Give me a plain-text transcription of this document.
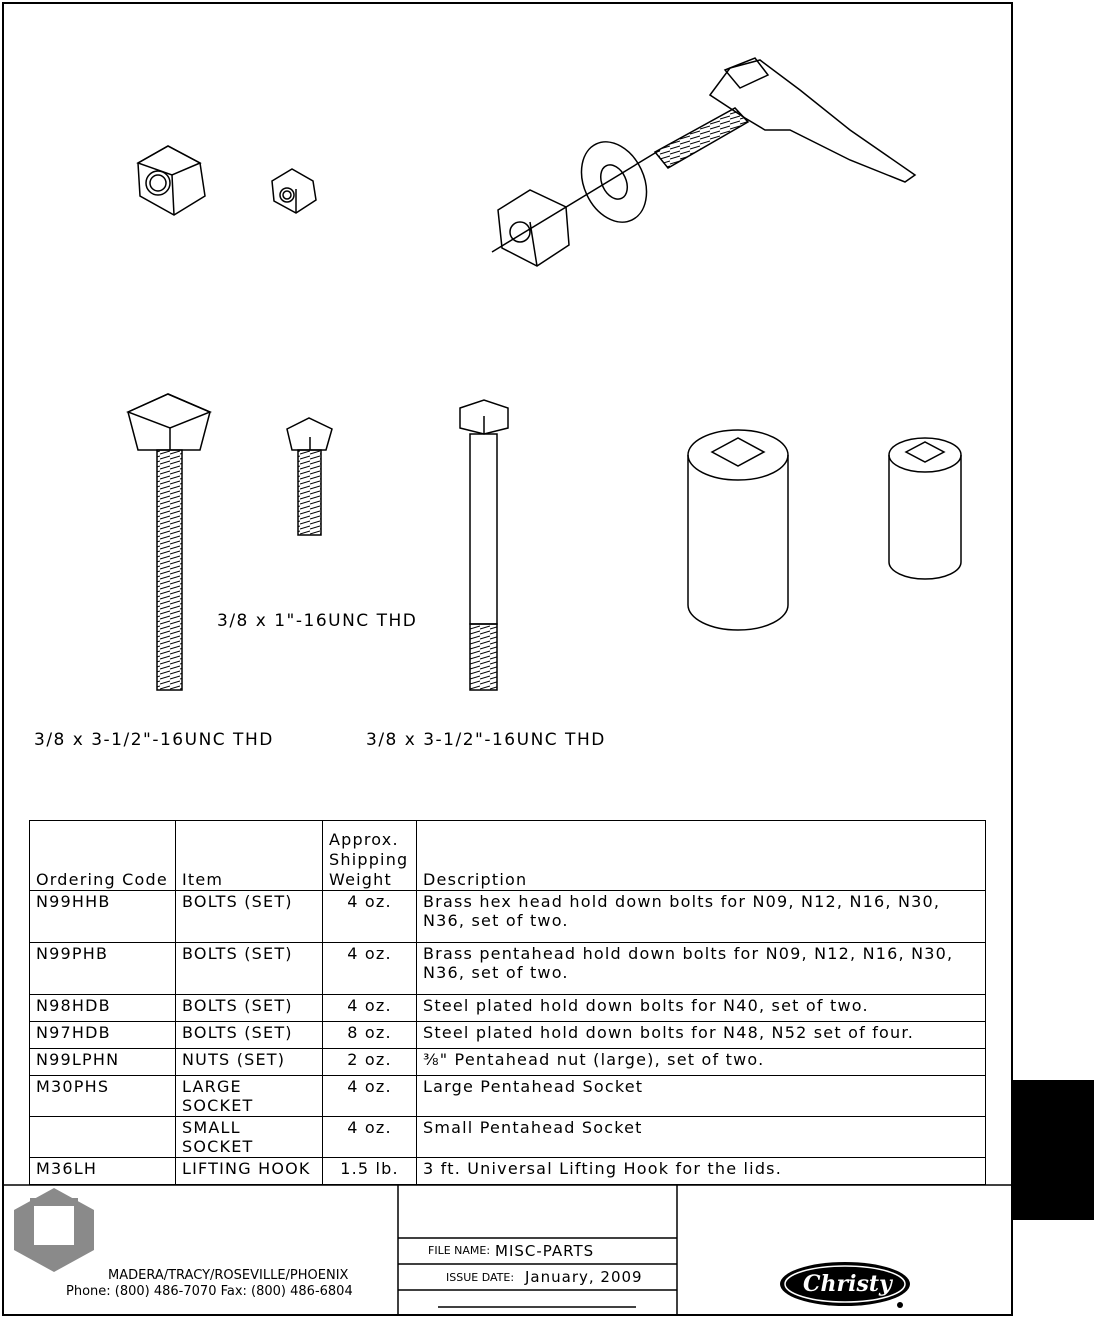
3/8 x 3-1/2"-16UNC THD
3/8 x 1"-16UNC THD
3/8 x 3-1/2"-16UNC THD
Ordering Code	Item	Approx. Shipping Weight	Description
N99HHB	BOLTS (SET)	4 oz.	Brass hex head hold down bolts for N09, N12, N16, N30, N36, set of two.
N99PHB	BOLTS (SET)	4 oz.	Brass pentahead hold down bolts for N09, N12, N16, N30, N36, set of two.
N98HDB	BOLTS (SET)	4 oz.	Steel plated hold down bolts for N40, set of two.
N97HDB	BOLTS (SET)	8 oz.	Steel plated hold down bolts for N48, N52 set of four.
N99LPHN	NUTS (SET)	2 oz.	⅜" Pentahead nut (large), set of two.
M30PHS	LARGE SOCKET	4 oz.	Large Pentahead Socket
	SMALL SOCKET	4 oz.	Small Pentahead Socket
M36LH	LIFTING HOOK	1.5 lb.	3 ft. Universal Lifting Hook for the lids.
MADERA/TRACY/ROSEVILLE/PHOENIX
Phone: (800) 486-7070 Fax: (800) 486-6804
FILE NAME: MISC-PARTS
ISSUE DATE: January, 2009	Christy
